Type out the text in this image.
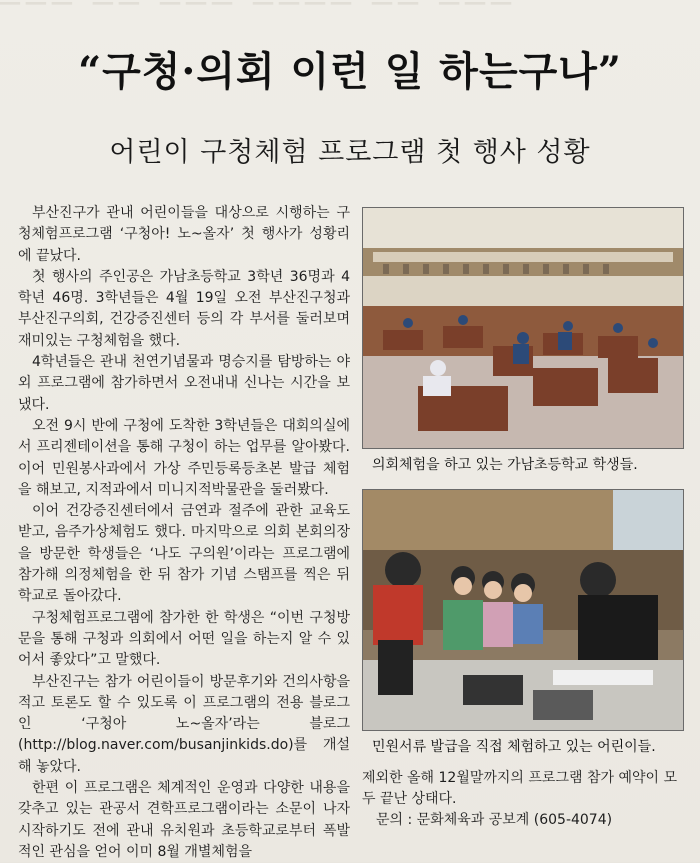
▔▔▔ ▔▔ ▔▔▔ ▔▔▔▔ ▔▔ ▔▔▔
“구청·의회 이런 일 하는구나”
어린이 구청체험 프로그램 첫 행사 성황

부산진구가 관내 어린이들을 대상으로 시행하는 구청체험프로그램 ‘구청아! 노~올자’ 첫 행사가 성황리에 끝났다.

첫 행사의 주인공은 가남초등학교 3학년 36명과 4학년 46명. 3학년들은 4월 19일 오전 부산진구청과 부산진구의회, 건강증진센터 등의 각 부서를 둘러보며 재미있는 구청체험을 했다.

4학년들은 관내 천연기념물과 명승지를 탐방하는 야외 프로그램에 참가하면서 오전내내 신나는 시간을 보냈다.

오전 9시 반에 구청에 도착한 3학년들은 대회의실에서 프리젠테이션을 통해 구청이 하는 업무를 알아봤다. 이어 민원봉사과에서 가상 주민등록등초본 발급 체험을 해보고, 지적과에서 미니지적박물관을 둘러봤다.

이어 건강증진센터에서 금연과 절주에 관한 교육도 받고, 음주가상체험도 했다. 마지막으로 의회 본회의장을 방문한 학생들은 ‘나도 구의원’이라는 프로그램에 참가해 의정체험을 한 뒤 참가 기념 스탬프를 찍은 뒤 학교로 돌아갔다.

구청체험프로그램에 참가한 한 학생은 “이번 구청방문을 통해 구청과 의회에서 어떤 일을 하는지 알 수 있어서 좋았다”고 말했다.

부산진구는 참가 어린이들이 방문후기와 건의사항을 적고 토론도 할 수 있도록 이 프로그램의 전용 블로그인 ‘구청아 노~올자’라는 블로그(http://blog.naver.com/busanjinkids.do)를 개설해 놓았다.

한편 이 프로그램은 체계적인 운영과 다양한 내용을 갖추고 있는 관공서 견학프로그램이라는 소문이 나자 시작하기도 전에 관내 유치원과 초등학교로부터 폭발적인 관심을 얻어 이미 8월 개별체험을

의회체험을 하고 있는 가남초등학교 학생들.
민원서류 발급을 직접 체험하고 있는 어린이들.

제외한 올해 12월말까지의 프로그램 참가 예약이 모두 끝난 상태다.

문의 : 문화체육과 공보계 (605-4074)
